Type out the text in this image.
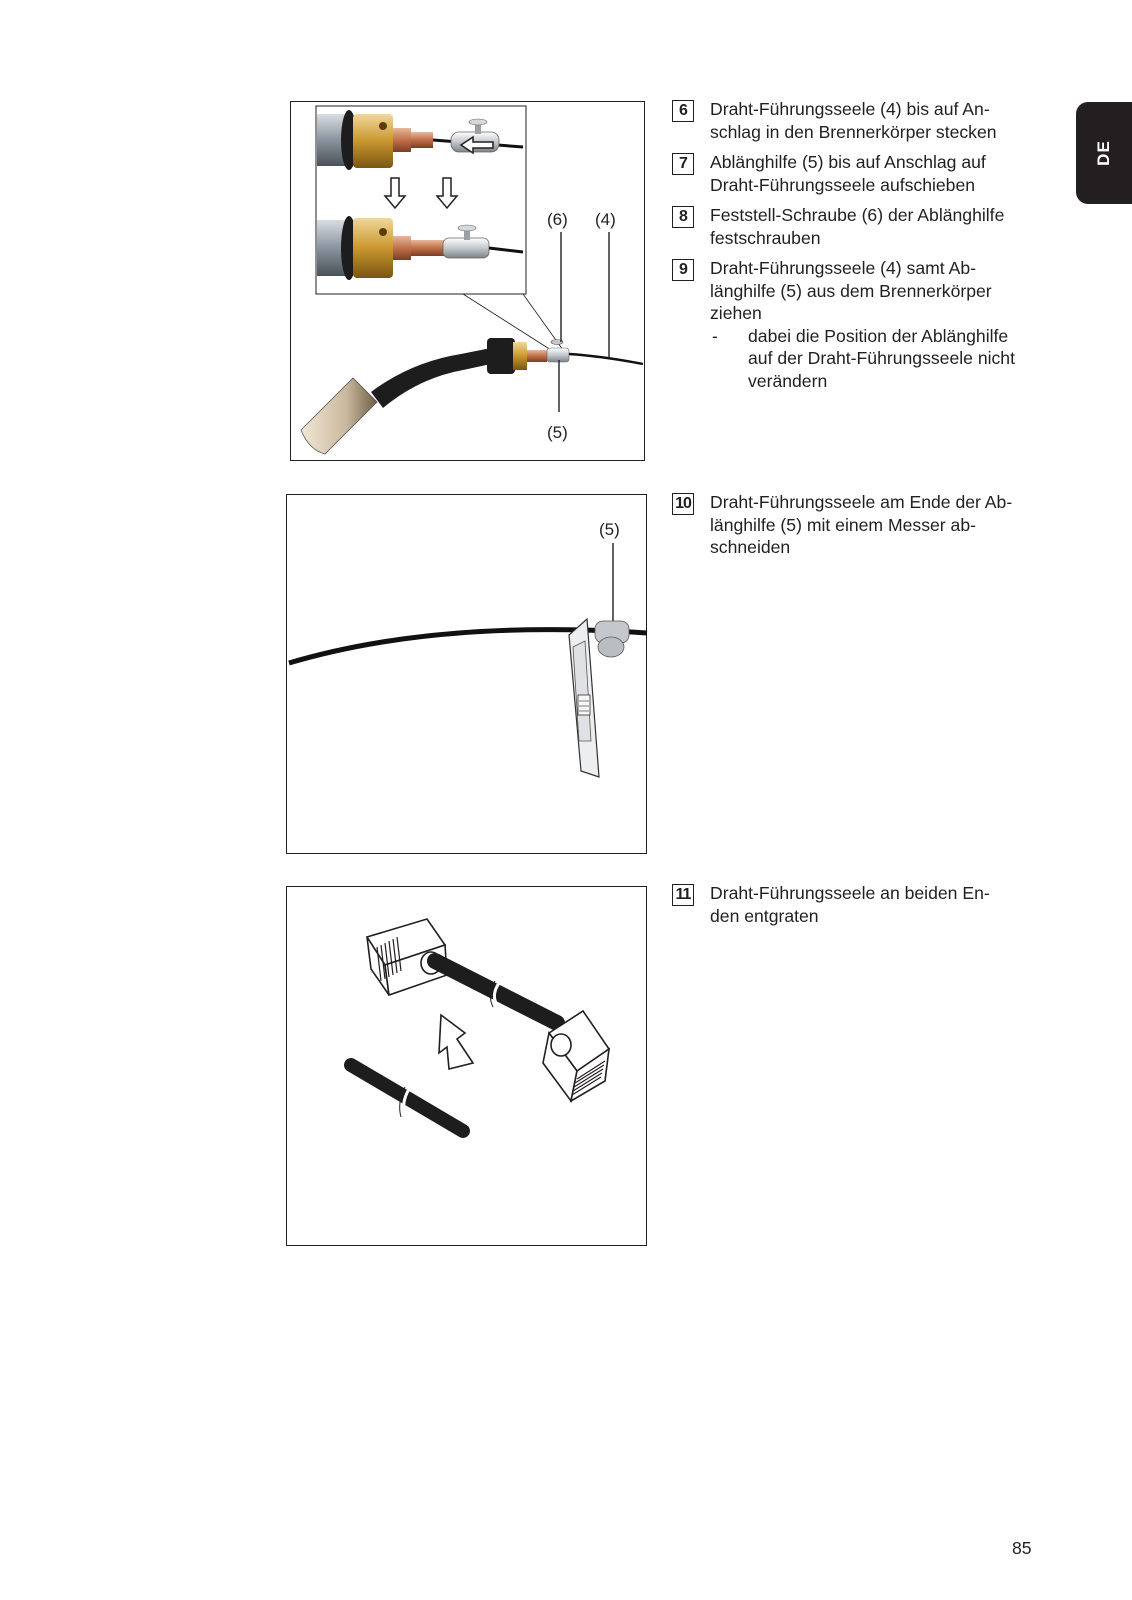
DE
(6) (4)
(5)
(5)
6	Draht-Führungsseele (4) bis auf An-
schlag in den Brennerkörper stecken
7	Ablänghilfe (5) bis auf Anschlag auf
Draht-Führungsseele aufschieben
8	Feststell-Schraube (6) der Ablänghilfe
festschrauben
9	Draht-Führungsseele (4) samt Ab-
länghilfe (5) aus dem Brennerkörper
ziehen
- dabei die Position der Ablänghilfe
auf der Draht-Führungsseele nicht
verändern
10 Draht-Führungsseele am Ende der Ab-
länghilfe (5) mit einem Messer ab-
schneiden
11 Draht-Führungsseele an beiden En-
den entgraten
85
